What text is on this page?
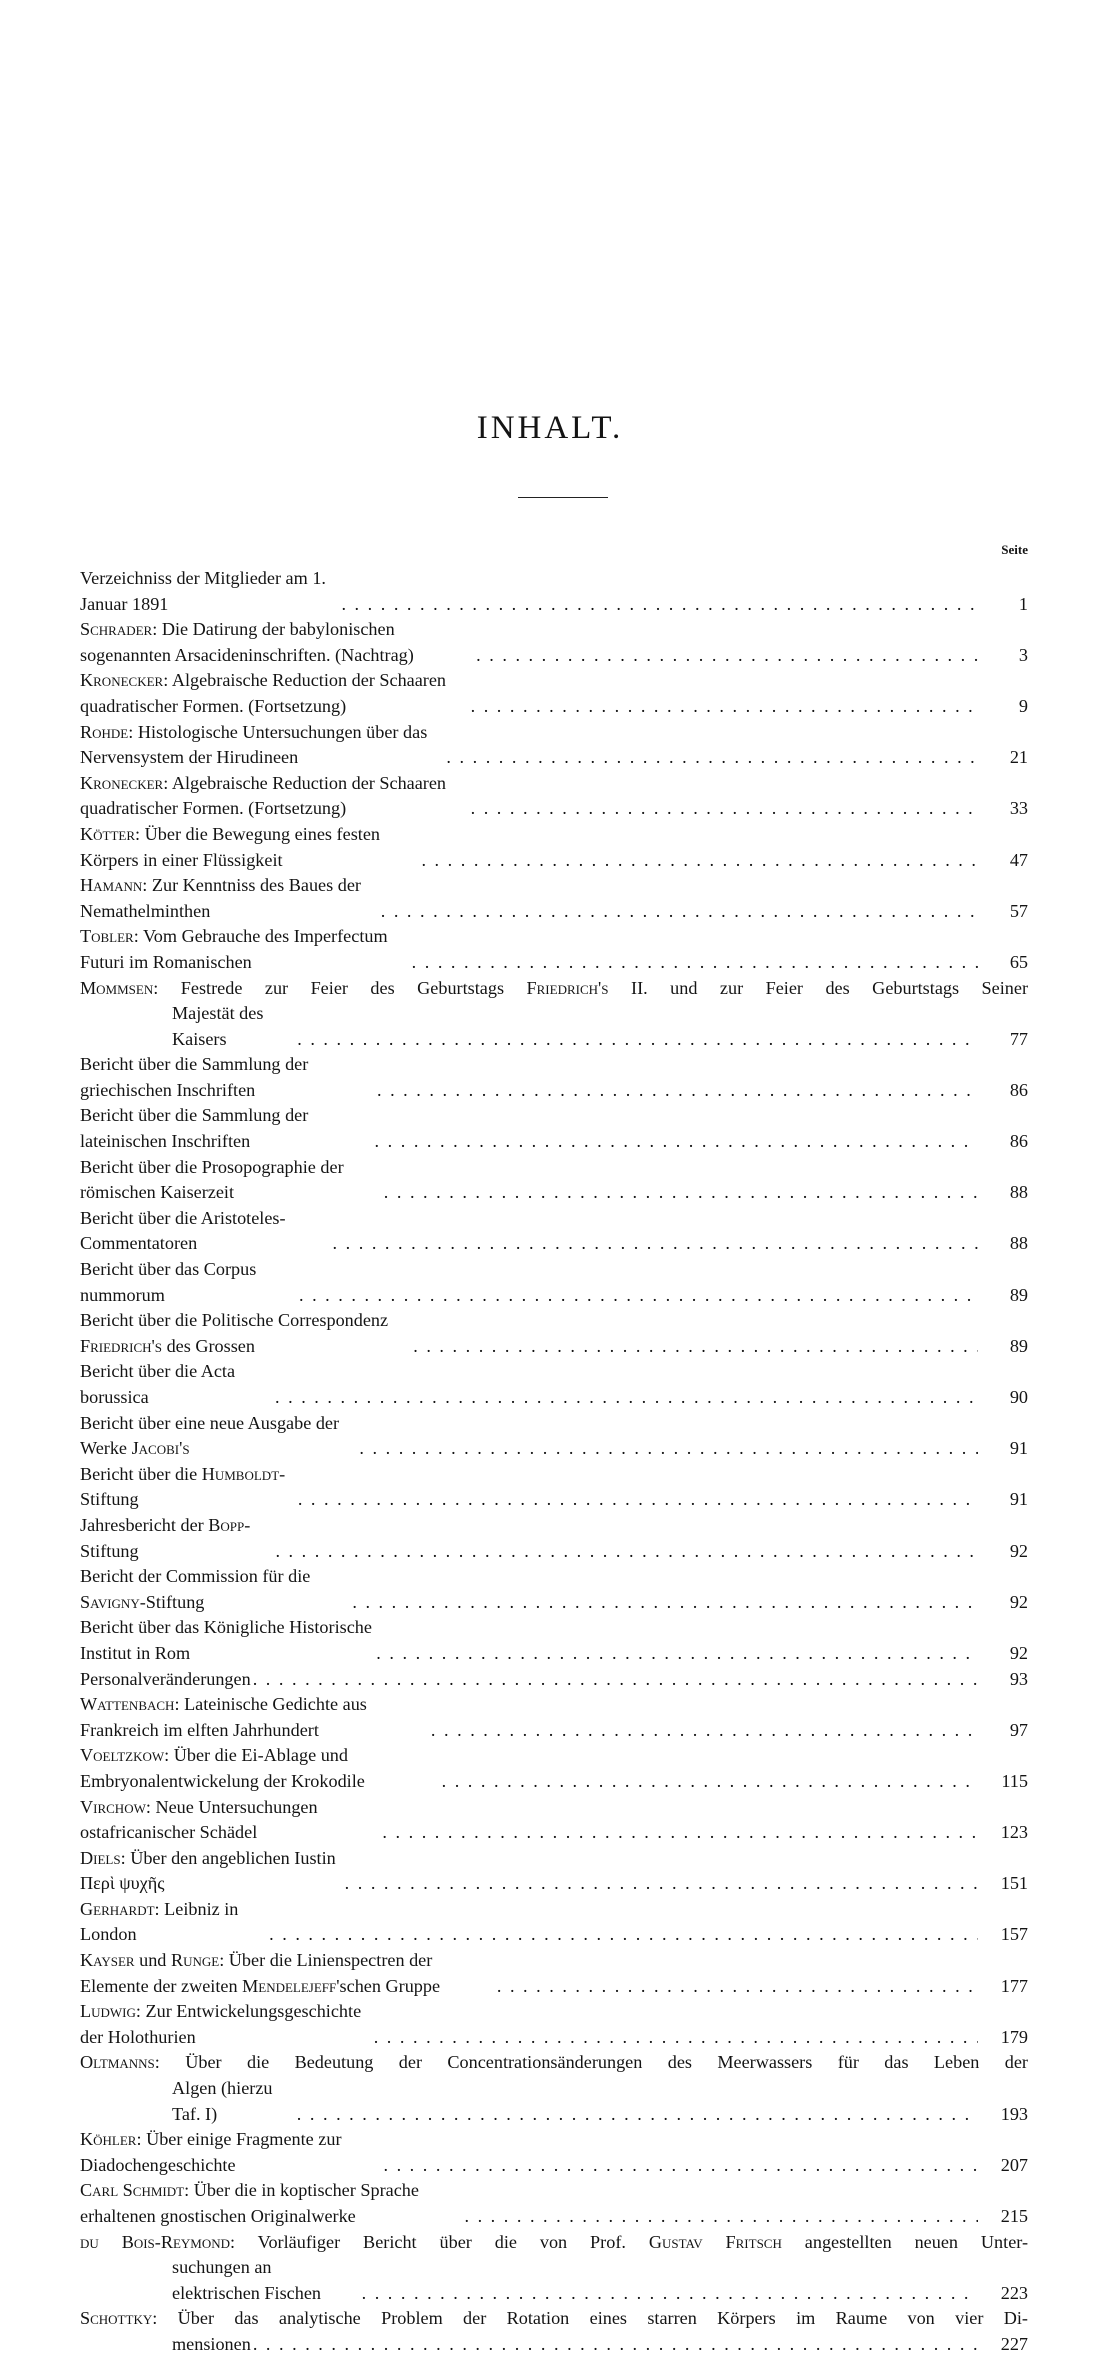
INHALT.
Seite
Verzeichniss der Mitglieder am 1. Januar 1891 . . .	1
Schrader: Die Datirung der babylonischen sogenannten Arsacideninschriften. (Nachtrag) . . .	3
Kronecker: Algebraische Reduction der Schaaren quadratischer Formen. (Fortsetzung) . . .	9
Rohde: Histologische Untersuchungen über das Nervensystem der Hirudineen . . .	21
Kronecker: Algebraische Reduction der Schaaren quadratischer Formen. (Fortsetzung) . . .	33
Kötter: Über die Bewegung eines festen Körpers in einer Flüssigkeit . . .	47
Hamann: Zur Kenntniss des Baues der Nemathelminthen . . .	57
Tobler: Vom Gebrauche des Imperfectum Futuri im Romanischen . . .	65
Mommsen: Festrede zur Feier des Geburtstags Friedrich's II. und zur Feier des Geburtstags Seiner
Majestät des Kaisers . . .	77
Bericht über die Sammlung der griechischen Inschriften . . .	86
Bericht über die Sammlung der lateinischen Inschriften . . .	86
Bericht über die Prosopographie der römischen Kaiserzeit . . .	88
Bericht über die Aristoteles-Commentatoren . . .	88
Bericht über das Corpus nummorum . . .	89
Bericht über die Politische Correspondenz Friedrich's des Grossen . . .	89
Bericht über die Acta borussica . . .	90
Bericht über eine neue Ausgabe der Werke Jacobi's . . .	91
Bericht über die Humboldt-Stiftung . . .	91
Jahresbericht der Bopp-Stiftung . . .	92
Bericht der Commission für die Savigny-Stiftung . . .	92
Bericht über das Königliche Historische Institut in Rom . . .	92
Personalveränderungen . . .	93
Wattenbach: Lateinische Gedichte aus Frankreich im elften Jahrhundert . . .	97
Voeltzkow: Über die Ei-Ablage und Embryonalentwickelung der Krokodile . . .	115
Virchow: Neue Untersuchungen ostafricanischer Schädel . . .	123
Diels: Über den angeblichen Iustin Περὶ ψυχῆς . . .	151
Gerhardt: Leibniz in London . . .	157
Kayser und Runge: Über die Linienspectren der Elemente der zweiten Mendelejeff'schen Gruppe . . .	177
Ludwig: Zur Entwickelungsgeschichte der Holothurien . . .	179
Oltmanns: Über die Bedeutung der Concentrationsänderungen des Meerwassers für das Leben der
Algen (hierzu Taf. I) . . .	193
Köhler: Über einige Fragmente zur Diadochengeschichte . . .	207
Carl Schmidt: Über die in koptischer Sprache erhaltenen gnostischen Originalwerke . . .	215
du Bois-Reymond: Vorläufiger Bericht über die von Prof. Gustav Fritsch angestellten neuen Unter-
suchungen an elektrischen Fischen . . .	223
Schottky: Über das analytische Problem der Rotation eines starren Körpers im Raume von vier Di-
mensionen . . .	227
